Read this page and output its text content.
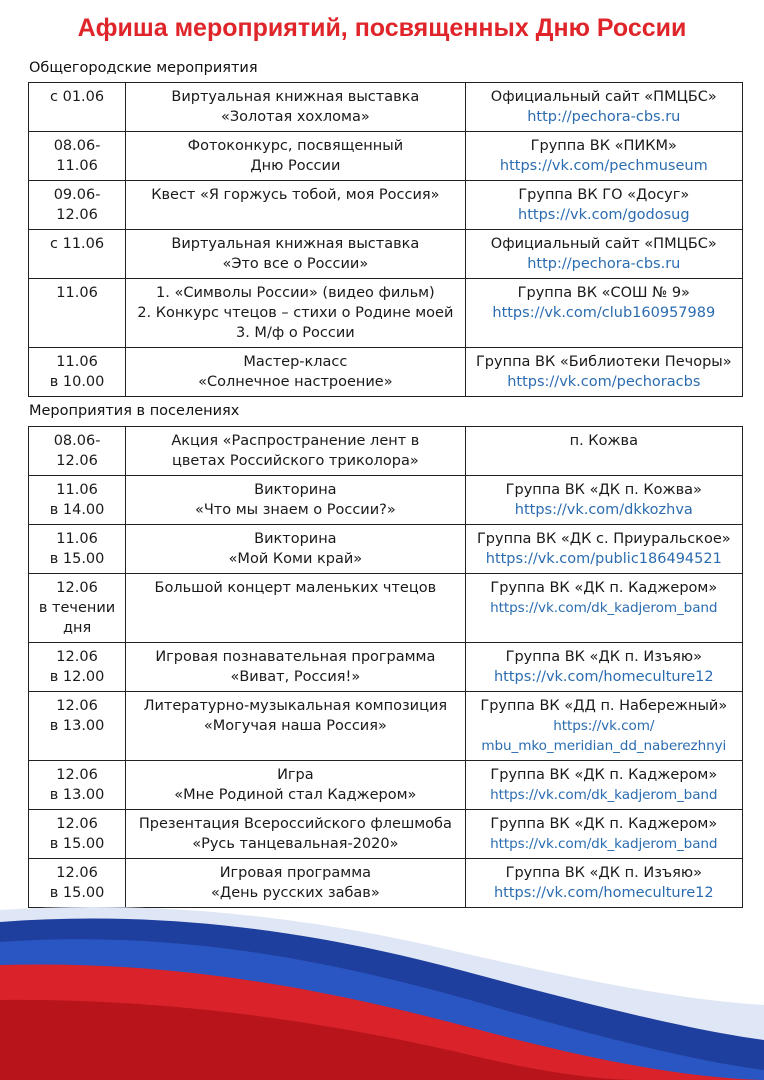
Афиша мероприятий, посвященных Дню России
Общегородские мероприятия
с 01.06	Виртуальная книжная выставка
«Золотая хохлома»	Официальный сайт «ПМЦБС»
http://pechora-cbs.ru

08.06-
11.06	Фотоконкурс, посвященный
Дню России	Группа ВК «ПИКМ»
https://vk.com/pechmuseum

09.06-
12.06	Квест «Я горжусь тобой, моя Россия»	Группа ВК ГО «Досуг»
https://vk.com/godosug

с 11.06	Виртуальная книжная выставка
«Это все о России»	Официальный сайт «ПМЦБС»
http://pechora-cbs.ru

11.06	1. «Символы России» (видео фильм)
2. Конкурс чтецов – стихи о Родине моей
3. М/ф о России	Группа ВК «СОШ № 9»
https://vk.com/club160957989

11.06
в 10.00	Мастер-класс
«Солнечное настроение»	Группа ВК «Библиотеки Печоры»
https://vk.com/pechoracbs
Мероприятия в поселениях
08.06-
12.06	Акция «Распространение лент в
цветах Российского триколора»	п. Кожва

11.06
в 14.00	Викторина
«Что мы знаем о России?»	Группа ВК «ДК п. Кожва»
https://vk.com/dkkozhva

11.06
в 15.00	Викторина
«Мой Коми край»	Группа ВК «ДК с. Приуральское»
https://vk.com/public186494521

12.06
в течении
дня	Большой концерт маленьких чтецов	Группа ВК «ДК п. Каджером»
https://vk.com/dk_kadjerom_band

12.06
в 12.00	Игровая познавательная программа
«Виват, Россия!»	Группа ВК «ДК п. Изъяю»
https://vk.com/homeculture12

12.06
в 13.00	Литературно-музыкальная композиция
«Могучая наша Россия»	Группа ВК «ДД п. Набережный»
https://vk.com/
mbu_mko_meridian_dd_naberezhnyi

12.06
в 13.00	Игра
«Мне Родиной стал Каджером»	Группа ВК «ДК п. Каджером»
https://vk.com/dk_kadjerom_band

12.06
в 15.00	Презентация Всероссийского флешмоба
«Русь танцевальная-2020»	Группа ВК «ДК п. Каджером»
https://vk.com/dk_kadjerom_band

12.06
в 15.00	Игровая программа
«День русских забав»	Группа ВК «ДК п. Изъяю»
https://vk.com/homeculture12
